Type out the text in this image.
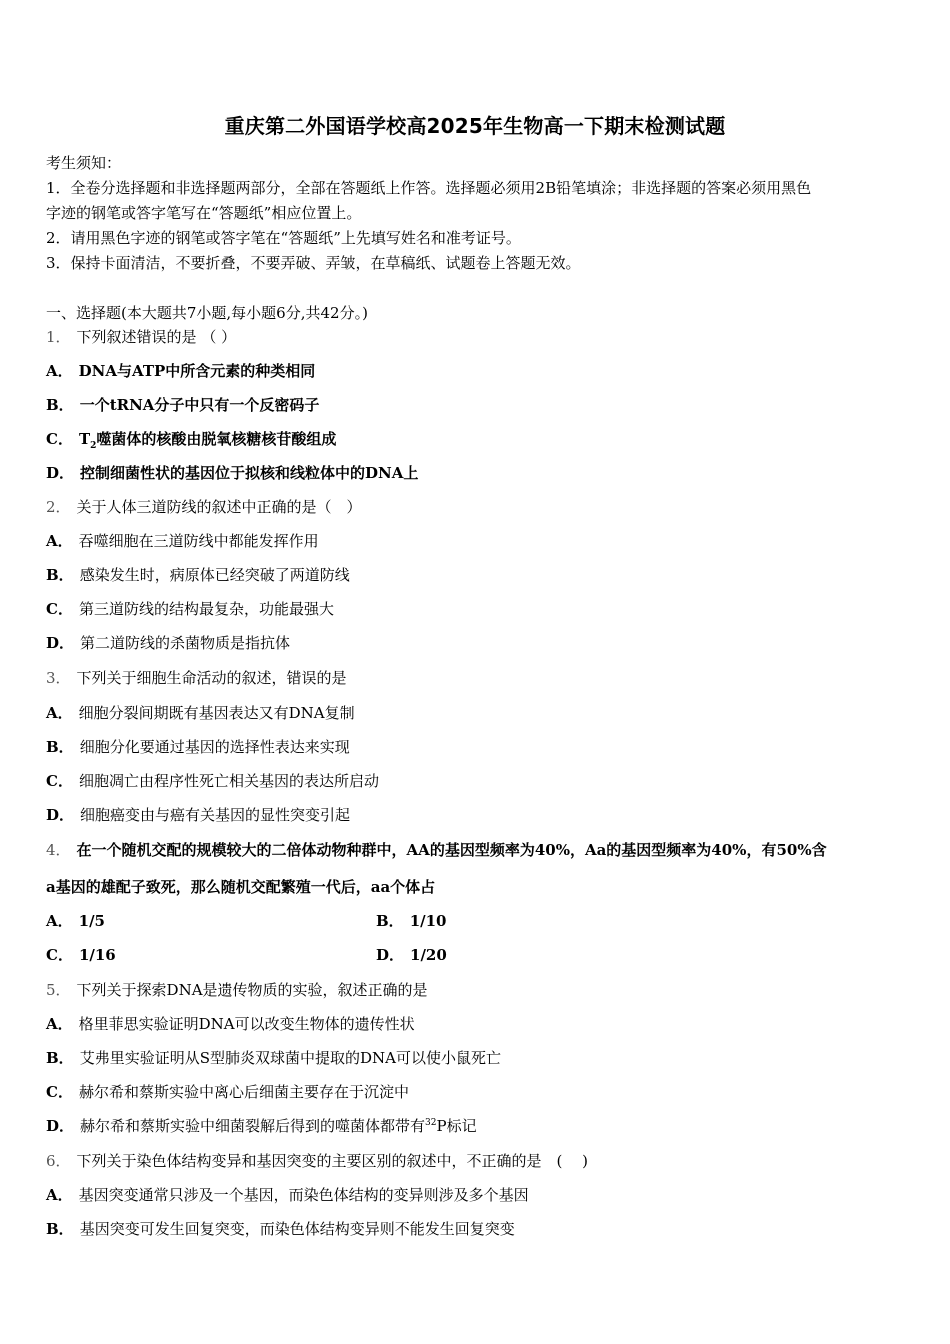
重庆第二外国语学校高2025年生物高一下期末检测试题
考生须知：
1．全卷分选择题和非选择题两部分，全部在答题纸上作答。选择题必须用2B铅笔填涂；非选择题的答案必须用黑色
字迹的钢笔或答字笔写在“答题纸”相应位置上。
2．请用黑色字迹的钢笔或答字笔在“答题纸”上先填写姓名和准考证号。
3．保持卡面清洁，不要折叠，不要弄破、弄皱，在草稿纸、试题卷上答题无效。
一、选择题(本大题共7小题,每小题6分,共42分。)
1． 下列叙述错误的是 （ ）
A． DNA与ATP中所含元素的种类相同
B． 一个tRNA分子中只有一个反密码子
C． $T_2$噬菌体的核酸由脱氧核糖核苷酸组成
D． 控制细菌性状的基因位于拟核和线粒体中的DNA上
2． 关于人体三道防线的叙述中正确的是（　）
A． 吞噬细胞在三道防线中都能发挥作用
B． 感染发生时，病原体已经突破了两道防线
C． 第三道防线的结构最复杂，功能最强大
D． 第二道防线的杀菌物质是指抗体
3． 下列关于细胞生命活动的叙述，错误的是
A． 细胞分裂间期既有基因表达又有DNA复制
B． 细胞分化要通过基因的选择性表达来实现
C． 细胞凋亡由程序性死亡相关基因的表达所启动
D． 细胞癌变由与癌有关基因的显性突变引起
4． 在一个随机交配的规模较大的二倍体动物种群中，AA的基因型频率为40%，Aa的基因型频率为40%，有50%含
a基因的雄配子致死，那么随机交配繁殖一代后，aa个体占
A． 1/5	B． 1/10
C． 1/16	D． 1/20
5． 下列关于探索DNA是遗传物质的实验，叙述正确的是
A． 格里菲思实验证明DNA可以改变生物体的遗传性状
B． 艾弗里实验证明从S型肺炎双球菌中提取的DNA可以使小鼠死亡
C． 赫尔希和蔡斯实验中离心后细菌主要存在于沉淀中
D． 赫尔希和蔡斯实验中细菌裂解后得到的噬菌体都带有$^{32}$P标记
6． 下列关于染色体结构变异和基因突变的主要区别的叙述中，不正确的是　( 　)
A． 基因突变通常只涉及一个基因，而染色体结构的变异则涉及多个基因
B． 基因突变可发生回复突变，而染色体结构变异则不能发生回复突变
